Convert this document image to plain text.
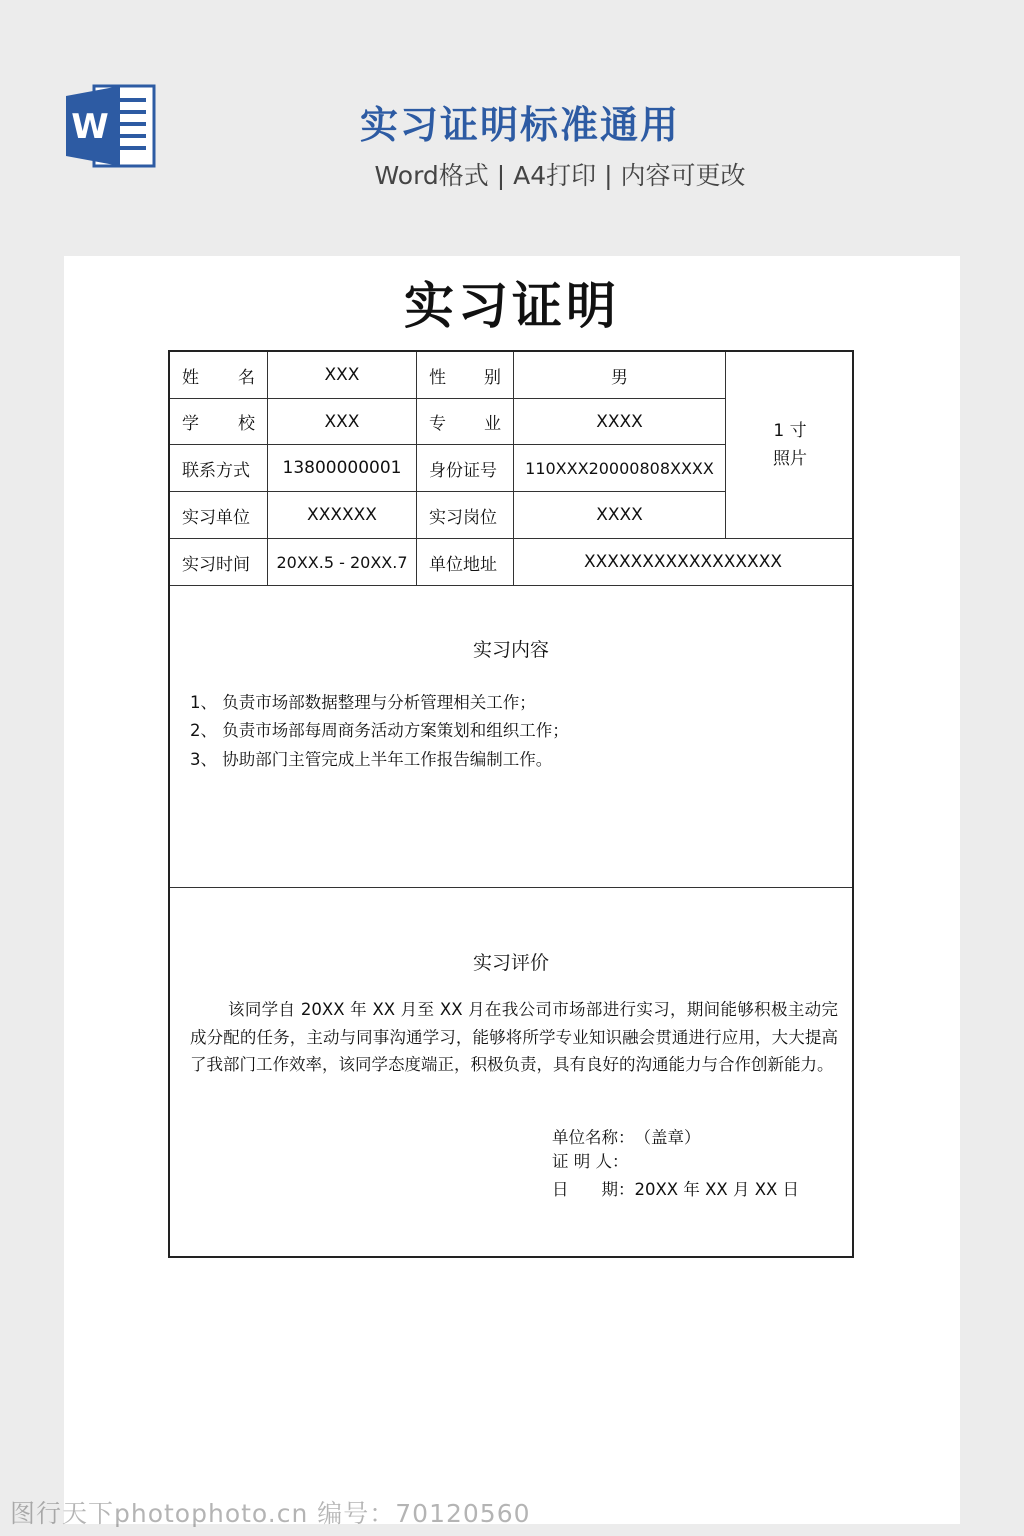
W	实习证明标准通用
Word格式 | A4打印 | 内容可更改
实习证明
姓 名	XXX	性 别	男
学 校	XXX	专 业	XXXX
联系方式	13800000001	身份证号	110XXX20000808XXXX
实习单位	XXXXXX	实习岗位	XXXX
实习时间	20XX.5 - 20XX.7	单位地址	XXXXXXXXXXXXXXXXX
1 寸
照片
实习内容
1、 负责市场部数据整理与分析管理相关工作；
2、 负责市场部每周商务活动方案策划和组织工作；
3、 协助部门主管完成上半年工作报告编制工作。
实习评价
该同学自 20XX 年 XX 月至 XX 月在我公司市场部进行实习，期间能够积极主动完成分配的任务，主动与同事沟通学习，能够将所学专业知识融会贯通进行应用，大大提高了我部门工作效率，该同学态度端正，积极负责，具有良好的沟通能力与合作创新能力。
单位名称： （盖章）
证 明 人：
日　　期： 20XX 年 XX 月 XX 日
图行天下photophoto.cn 编号：70120560
